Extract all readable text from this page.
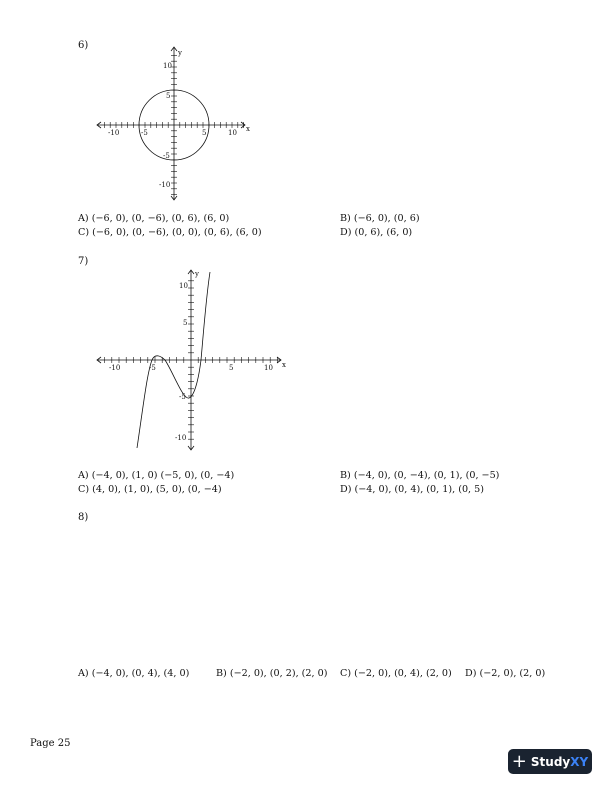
6)
x
y
-10	-5	5	10
10
5
-5
-10
A) (−6, 0), (0, −6), (0, 6), (6, 0)	B) (−6, 0), (0, 6)
C) (−6, 0), (0, −6), (0, 0), (0, 6), (6, 0)	D) (0, 6), (6, 0)
7)
x
y
-10	-5	5	10
10
5
-5
-10
A) (−4, 0), (1, 0) (−5, 0), (0, −4)	B) (−4, 0), (0, −4), (0, 1), (0, −5)
C) (4, 0), (1, 0), (5, 0), (0, −4)	D) (−4, 0), (0, 4), (0, 1), (0, 5)
8)
A) (−4, 0), (0, 4), (4, 0)	B) (−2, 0), (0, 2), (2, 0) C) (−2, 0), (0, 4), (2, 0) D) (−2, 0), (2, 0)
Page 25
+ StudyXY
